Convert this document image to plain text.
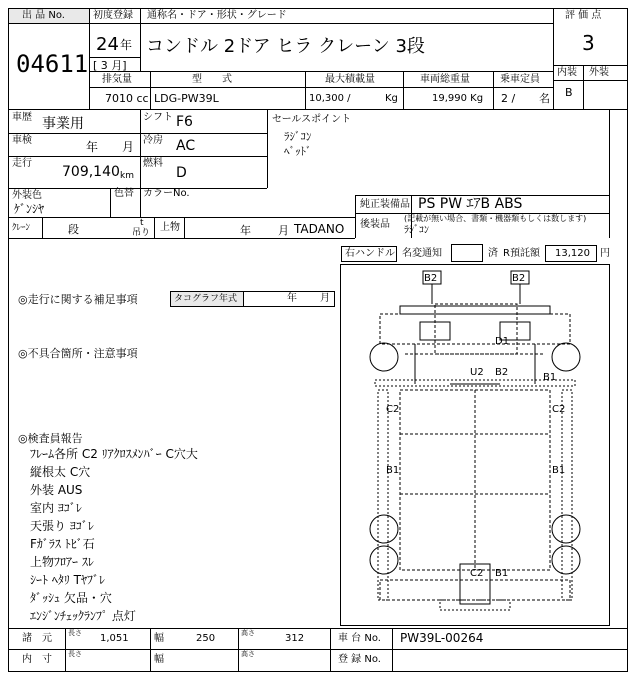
出 品 No.
04611
初度登録 通称名・ドア・形状・グレード
24 年
[ 3 月]
コンドル 2ドア ヒラ クレーン 3段
評 価 点
3
内装 外装
B
排気量
7010 cc
型　　式
LDG-PW39L
最大積載量
10,300 /	Kg
車両総重量
19,990 Kg
乗車定員
2 / 名
車歴 事業用	シフト F6
車検	年 月 冷房 AC
走行
709,140 km
燃料
D
外装色
ｹﾞﾝｼﾔ
色替 カラーNo.
セールスポイント
ﾗｼﾞｺﾝ
ﾍﾞｯﾄﾞ
純正装備品 PS PW ｴｱB ABS
後装品
(記載が無い場合、書類・機器類もしくは数します)
ﾗｼﾞｺﾝ
ｸﾚｰﾝ	段	t
吊り 上物	年 月 TADANO
右ハンドル 名変通知	済 R預託額 13,120 円
◎走行に関する補足事項	タコグラフ年式	年 月
◎不具合箇所・注意事項
◎検査員報告
ﾌﾚｰﾑ各所 C2 ﾘｱｸﾛｽﾒﾝﾊﾞｰ C穴大
縦根太 C穴
外装 AUS
室内 ﾖｺﾞﾚ
天張り ﾖｺﾞﾚ
Fｶﾞﾗｽ ﾄﾋﾞ石
上物ﾌﾛｱｰ ｽﾚ
ｼｰﾄ ﾍﾀﾘ Tﾔﾌﾞﾚ
ﾀﾞｯｼｭ 欠品・穴
ｴﾝｼﾞﾝﾁｪｯｸﾗﾝﾌﾟ 点灯
B2	B2
D1
U2 B2	B1
C2	C2
B1	B1
C2 B1
諸　元 長さ 1,051	幅	250	高さ	312	車 台 No. PW39L-00264
内　寸 長さ	幅	高さ	登 録 No.
